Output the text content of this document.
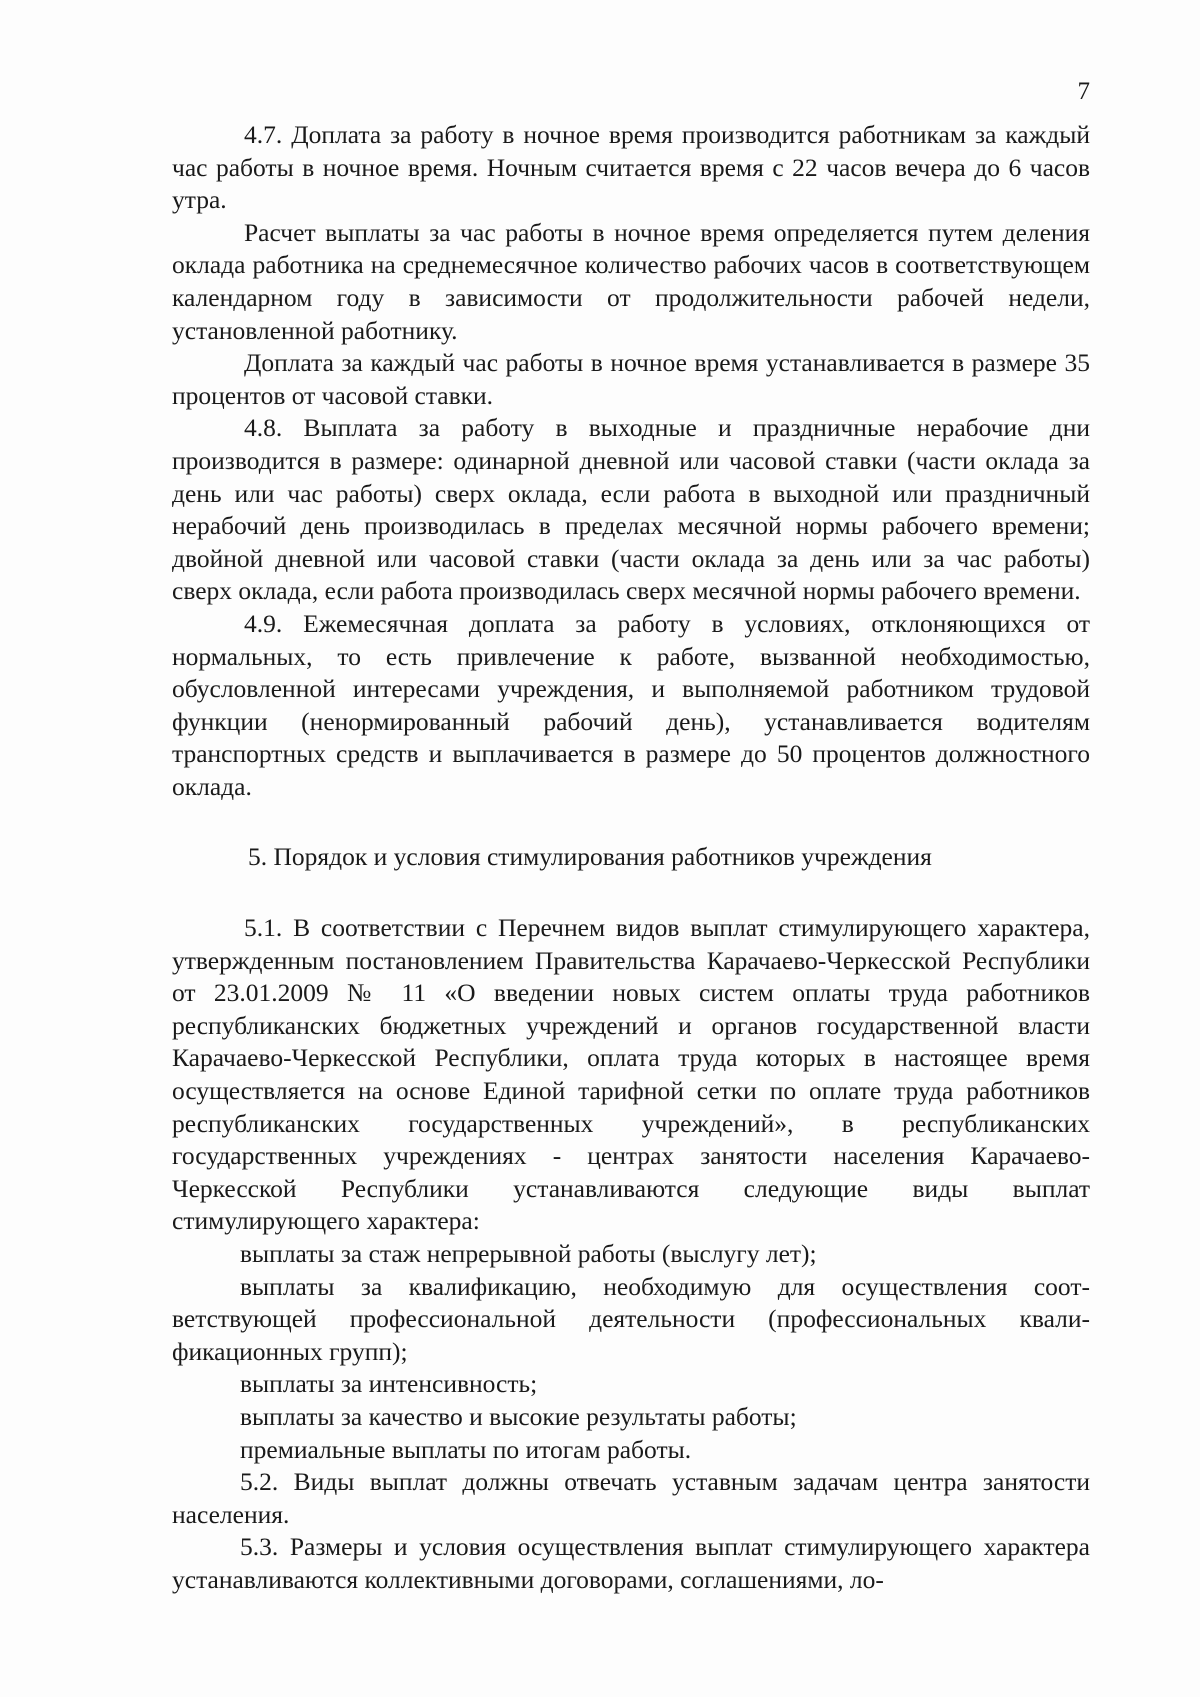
7

4.7. Доплата за работу в ночное время производится работникам за каждый час работы в ночное время. Ночным считается время с 22 часов вечера до 6 часов утра.

Расчет выплаты за час работы в ночное время определяется путем деления оклада работника на среднемесячное количество рабочих часов в соответствующем календарном году в зависимости от продолжительности рабочей недели, установленной работнику.

Доплата за каждый час работы в ночное время устанавливается в размере 35 процентов от часовой ставки.

4.8. Выплата за работу в выходные и праздничные нерабочие дни производится в размере: одинарной дневной или часовой ставки (части оклада за день или час работы) сверх оклада, если работа в выходной или праздничный нерабочий день производилась в пределах месячной нормы рабочего времени; двойной дневной или часовой ставки (части оклада за день или за час работы) сверх оклада, если работа производилась сверх месячной нормы рабочего времени.

4.9. Ежемесячная доплата за работу в условиях, отклоняющихся от нормальных, то есть привлечение к работе, вызванной необходимостью, обусловленной интересами учреждения, и выполняемой работником трудовой функции (ненормированный рабочий день), устанавливается водителям транспортных средств и выплачивается в размере до 50 процентов должностного оклада.

5. Порядок и условия стимулирования работников учреждения

5.1. В соответствии с Перечнем видов выплат стимулирующего характера, утвержденным постановлением Правительства Карачаево-Черкесской Республики от 23.01.2009 № 11 «О введении новых систем оплаты труда работников республиканских бюджетных учреждений и органов государственной власти Карачаево-Черкесской Республики, оплата труда которых в настоящее время осуществляется на основе Единой тарифной сетки по оплате труда работников республиканских государственных учреждений», в республиканских государственных учреждениях - центрах занятости населения Карачаево-Черкесской Республики устанавливаются следующие виды выплат стимулирующего характера:

выплаты за стаж непрерывной работы (выслугу лет);

выплаты за квалификацию, необходимую для осуществления соответствующей профессиональной деятельности (профессиональных квалификационных групп);

выплаты за интенсивность;

выплаты за качество и высокие результаты работы;

премиальные выплаты по итогам работы.

5.2. Виды выплат должны отвечать уставным задачам центра занятости населения.

5.3. Размеры и условия осуществления выплат стимулирующего характера устанавливаются коллективными договорами, соглашениями, ло-
